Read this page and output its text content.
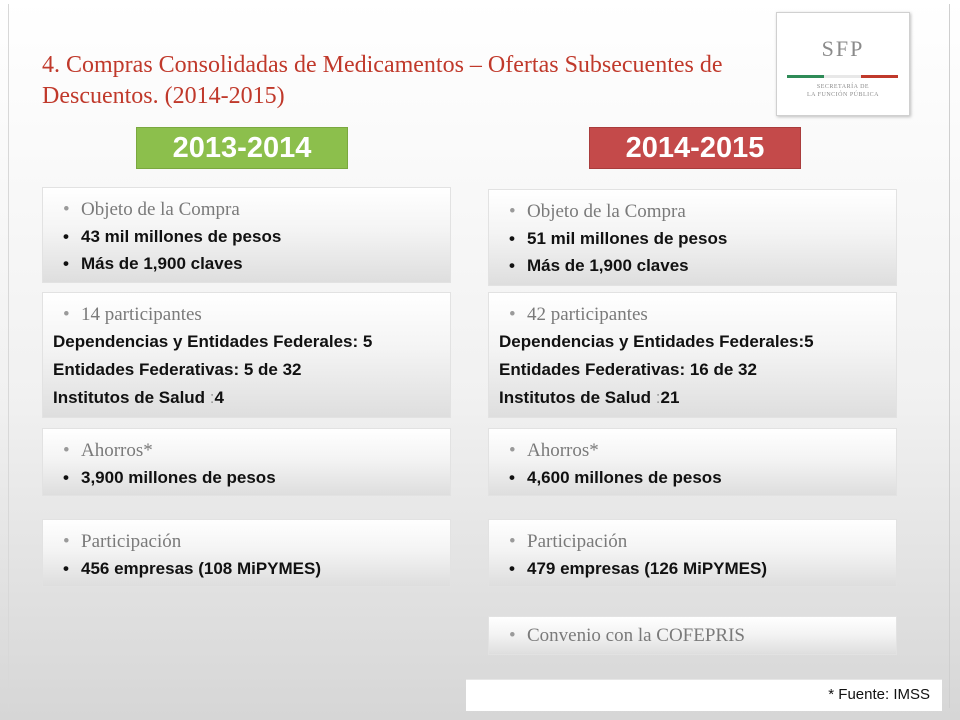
4. Compras Consolidadas de Medicamentos – Ofertas Subsecuentes de Descuentos. (2014-2015)
SFP
SECRETARÍA DE
LA FUNCIÓN PÚBLICA
2013-2014	2014-2015
• Objeto de la Compra
• 43 mil millones de pesos
• Más de 1,900 claves
• 14 participantes
Dependencias y Entidades Federales: 5
Entidades Federativas: 5 de 32
Institutos de Salud :4
• Ahorros*
• 3,900 millones de pesos
• Participación
• 456 empresas (108 MiPYMES)
• Objeto de la Compra
• 51 mil millones de pesos
• Más de 1,900 claves
• 42 participantes
Dependencias y Entidades Federales:5
Entidades Federativas: 16 de 32
Institutos de Salud :21
• Ahorros*
• 4,600 millones de pesos
• Participación
• 479 empresas (126 MiPYMES)
• Convenio con la COFEPRIS
* Fuente: IMSS
